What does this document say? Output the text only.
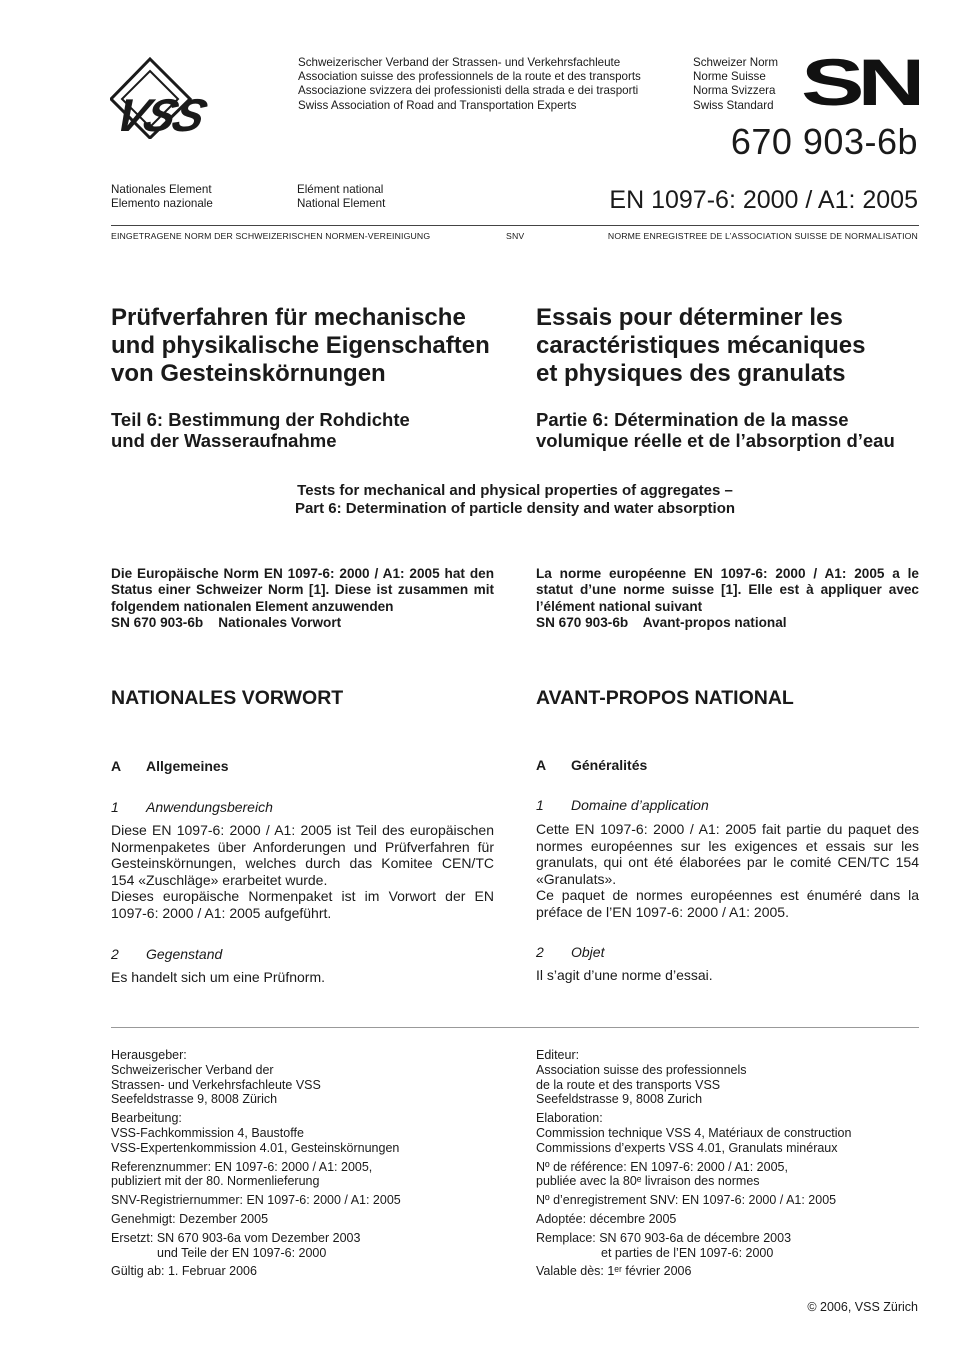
VSS
Schweizerischer Verband der Strassen- und Verkehrsfachleute
Association suisse des professionnels de la route et des transports
Associazione svizzera dei professionisti della strada e dei trasporti
Swiss Association of Road and Transportation Experts
Schweizer Norm
Norme Suisse
Norma Svizzera
Swiss Standard SN
670 903-6b
Nationales Element
Elemento nazionale
Elément national
National Element	EN 1097-6: 2000 / A1: 2005
EINGETRAGENE NORM DER SCHWEIZERISCHEN NORMEN-VEREINIGUNG	SNV	NORME ENREGISTREE DE L’ASSOCIATION SUISSE DE NORMALISATION
Prüfverfahren für mechanische
und physikalische Eigenschaften
von Gesteinskörnungen
Teil 6: Bestimmung der Rohdichte
und der Wasseraufnahme
Essais pour déterminer les
caractéristiques mécaniques
et physiques des granulats
Partie 6: Détermination de la masse
volumique réelle et de l’absorption d’eau
Tests for mechanical and physical properties of aggregates –
Part 6: Determination of particle density and water absorption
Die Europäische Norm EN 1097-6: 2000 / A1: 2005 hat den Status einer Schweizer Norm [1]. Diese ist zusammen mit folgendem nationalen Element anzuwenden
SN 670 903-6b    Nationales Vorwort
La norme européenne EN 1097-6: 2000 / A1: 2005 a le statut d’une norme suisse [1]. Elle est à appliquer avec l’élément national suivant
SN 670 903-6b    Avant-propos national
NATIONALES VORWORT	AVANT-PROPOS NATIONAL
A Allgemeines	A Généralités
1 Anwendungsbereich	1 Domaine d’application
Diese EN 1097-6: 2000 / A1: 2005 ist Teil des europäischen Normenpaketes über Anforderungen und Prüfverfahren für Gesteinskörnungen, welches durch das Komitee CEN/TC 154 «Zuschläge» erarbeitet wurde.
Dieses europäische Normenpaket ist im Vorwort der EN 1097-6: 2000 / A1: 2005 aufgeführt.
Cette EN 1097-6: 2000 / A1: 2005 fait partie du paquet des normes européennes sur les exigences et essais sur les granulats, qui ont été élaborées par le comité CEN/TC 154 «Granulats».
Ce paquet de normes européennes est énuméré dans la préface de l’EN 1097-6: 2000 / A1: 2005.
2 Gegenstand	2 Objet
Es handelt sich um eine Prüfnorm.	Il s’agit d’une norme d’essai.
Herausgeber:
Schweizerischer Verband der
Strassen- und Verkehrsfachleute VSS
Seefeldstrasse 9, 8008 Zürich
Bearbeitung:
VSS-Fachkommission 4, Baustoffe
VSS-Expertenkommission 4.01, Gesteinskörnungen
Referenznummer: EN 1097-6: 2000 / A1: 2005,
publiziert mit der 80. Normenlieferung
SNV-Registriernummer: EN 1097-6: 2000 / A1: 2005
Genehmigt: Dezember 2005
Ersetzt: SN 670 903-6a vom Dezember 2003
und Teile der EN 1097-6: 2000
Gültig ab: 1. Februar 2006
Editeur:
Association suisse des professionnels
de la route et des transports VSS
Seefeldstrasse 9, 8008 Zurich
Elaboration:
Commission technique VSS 4, Matériaux de construction
Commissions d’experts VSS 4.01, Granulats minéraux
Nº de référence: EN 1097-6: 2000 / A1: 2005,
publiée avec la 80ᵉ livraison des normes
Nº d’enregistrement SNV: EN 1097-6: 2000 / A1: 2005
Adoptée: décembre 2005
Remplace: SN 670 903-6a de décembre 2003
et parties de l’EN 1097-6: 2000
Valable dès: 1ᵉʳ février 2006
© 2006, VSS Zürich
